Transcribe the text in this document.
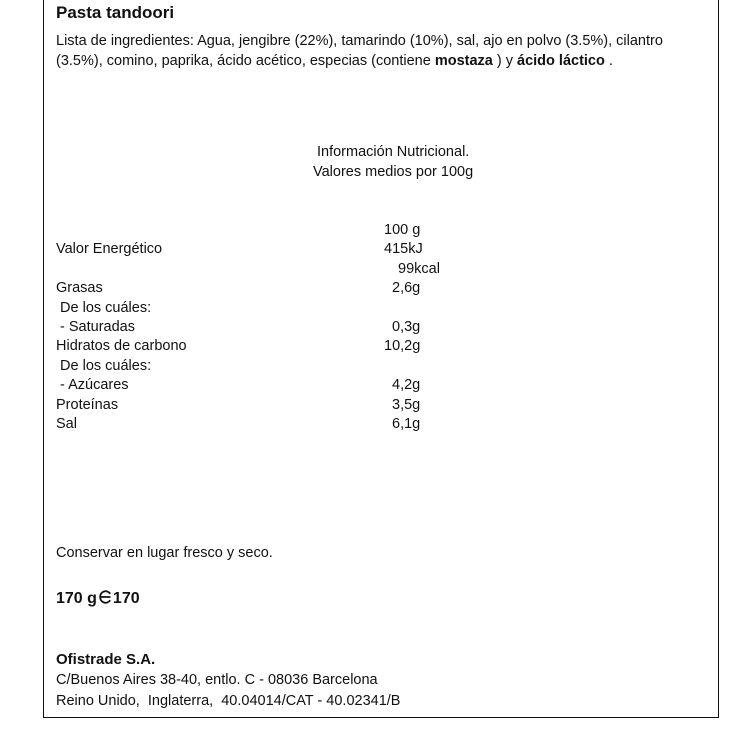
Pasta tandoori
Lista de ingredientes: Agua, jengibre (22%), tamarindo (10%), sal, ajo en polvo (3.5%), cilantro (3.5%), comino, paprika, ácido acético, especias (contiene mostaza ) y ácido láctico .
Información Nutricional.
Valores medios por 100g
100 g
Valor Energético	415kJ
99kcal
Grasas	2,6g
De los cuáles:
- Saturadas	0,3g
Hidratos de carbono	10,2g
De los cuáles:
- Azúcares	4,2g
Proteínas	3,5g
Sal	6,1g
Conservar en lugar fresco y seco.
170 g 170
Ofistrade S.A.
C/Buenos Aires 38-40, entlo. C - 08036 Barcelona
Reino Unido,  Inglaterra,  40.04014/CAT - 40.02341/B
